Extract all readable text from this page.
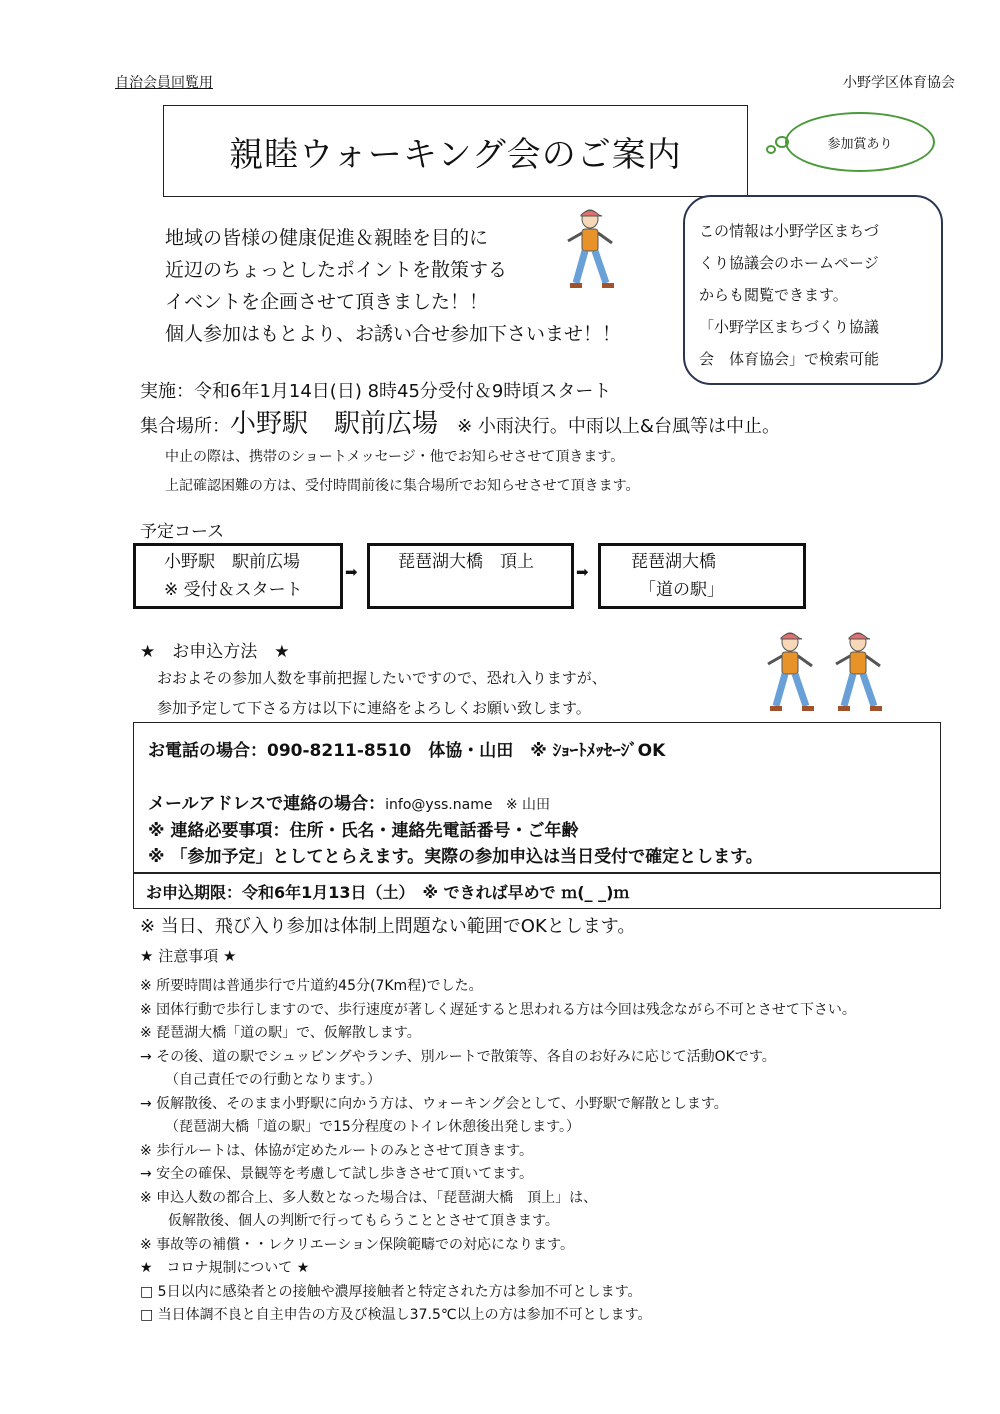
自治会員回覧用	小野学区体育協会
親睦ウォーキング会のご案内	参加賞あり
地域の皆様の健康促進＆親睦を目的に
近辺のちょっとしたポイントを散策する
イベントを企画させて頂きました！！
個人参加はもとより、お誘い合せ参加下さいませ！！
この情報は小野学区まちづ
くり協議会のホームページ
からも閲覧できます。
「小野学区まちづくり協議
会　体育協会」で検索可能
実施：令和6年1月14日(日) 8時45分受付＆9時頃スタート
集合場所：小野駅　駅前広場 ※ 小雨決行。中雨以上&台風等は中止。
中止の際は、携帯のショートメッセージ・他でお知らせさせて頂きます。
上記確認困難の方は、受付時間前後に集合場所でお知らせさせて頂きます。
予定コース
小野駅　駅前広場
※ 受付＆スタート
➡ 琵琶湖大橋　頂上	➡ 琵琶湖大橋
「道の駅」
★　お申込方法　★
おおよその参加人数を事前把握したいですので、恐れ入りますが、
参加予定して下さる方は以下に連絡をよろしくお願い致します。
お電話の場合：090-8211-8510　体協・山田　※ ｼｮｰﾄﾒｯｾｰｼﾞOK
メールアドレスで連絡の場合：info@yss.name ※ 山田
※ 連絡必要事項：住所・氏名・連絡先電話番号・ご年齢
※ 「参加予定」としてとらえます。実際の参加申込は当日受付で確定とします。
お申込期限：令和6年1月13日（土）　※ できれば早めで ｍ(_ _)ｍ
※ 当日、飛び入り参加は体制上問題ない範囲でOKとします。
★ 注意事項 ★
※ 所要時間は普通歩行で片道約45分(7Km程)でした。
※ 団体行動で歩行しますので、歩行速度が著しく遅延すると思われる方は今回は残念ながら不可とさせて下さい。
※ 琵琶湖大橋「道の駅」で、仮解散します。
→ その後、道の駅でシュッピングやランチ、別ルートで散策等、各自のお好みに応じて活動OKです。
　（自己責任での行動となります。）
→ 仮解散後、そのまま小野駅に向かう方は、ウォーキング会として、小野駅で解散とします。
　（琵琶湖大橋「道の駅」で15分程度のトイレ休憩後出発します。）
※ 歩行ルートは、体協が定めたルートのみとさせて頂きます。
→ 安全の確保、景観等を考慮して試し歩きさせて頂いてます。
※ 申込人数の都合上、多人数となった場合は、「琵琶湖大橋　頂上」は、
　仮解散後、個人の判断で行ってもらうこととさせて頂きます。
※ 事故等の補償・・レクリエーション保険範疇での対応になります。
★　コロナ規制について ★
□ 5日以内に感染者との接触や濃厚接触者と特定された方は参加不可とします。
□ 当日体調不良と自主申告の方及び検温し37.5℃以上の方は参加不可とします。
